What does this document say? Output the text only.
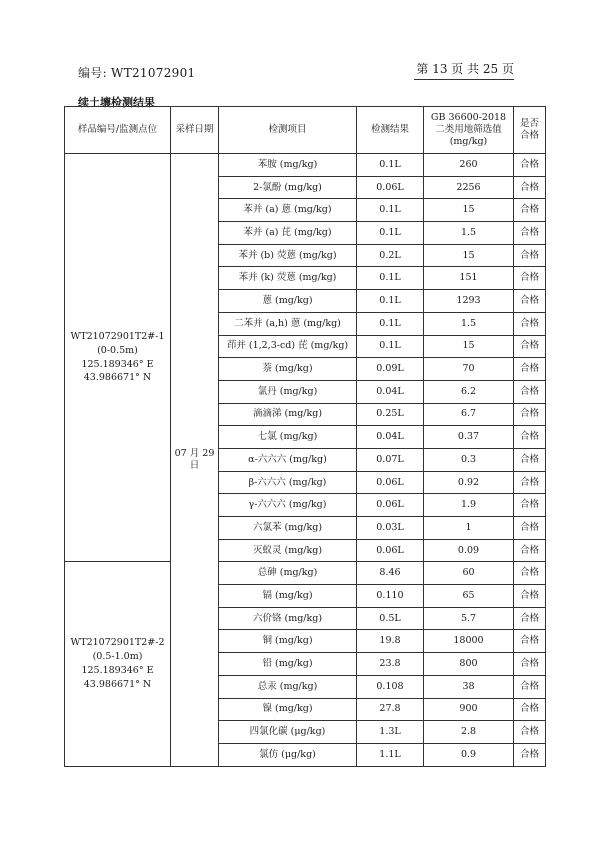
编号: WT21072901	第 13 页 共 25 页
续土壤检测结果
样品编号/监测点位	采样日期	检测项目	检测结果	GB 36600-2018 二类用地筛选值 (mg/kg)	是否合格

WT21072901T2#-1
(0-0.5m)
125.189346° E
43.986671° N	07 月 29 日	苯胺 (mg/kg)	0.1L	260	合格
		2-氯酚 (mg/kg)	0.06L	2256	合格
		苯并 (a) 蒽 (mg/kg)	0.1L	15	合格
		苯并 (a) 芘 (mg/kg)	0.1L	1.5	合格
		苯并 (b) 荧蒽 (mg/kg)	0.2L	15	合格
		苯并 (k) 荧蒽 (mg/kg)	0.1L	151	合格
		蒽 (mg/kg)	0.1L	1293	合格
		二苯并 (a,h) 蒽 (mg/kg)	0.1L	1.5	合格
		茚并 (1,2,3-cd) 芘 (mg/kg)	0.1L	15	合格
		萘 (mg/kg)	0.09L	70	合格
		氯丹 (mg/kg)	0.04L	6.2	合格
		滴滴涕 (mg/kg)	0.25L	6.7	合格
		七氯 (mg/kg)	0.04L	0.37	合格
		α-六六六 (mg/kg)	0.07L	0.3	合格
		β-六六六 (mg/kg)	0.06L	0.92	合格
		γ-六六六 (mg/kg)	0.06L	1.9	合格
		六氯苯 (mg/kg)	0.03L	1	合格
		灭蚁灵 (mg/kg)	0.06L	0.09	合格

WT21072901T2#-2
(0.5-1.0m)
125.189346° E
43.986671° N		总砷 (mg/kg)	8.46	60	合格
		镉 (mg/kg)	0.110	65	合格
		六价铬 (mg/kg)	0.5L	5.7	合格
		铜 (mg/kg)	19.8	18000	合格
		铅 (mg/kg)	23.8	800	合格
		总汞 (mg/kg)	0.108	38	合格
		镍 (mg/kg)	27.8	900	合格
		四氯化碳 (μg/kg)	1.3L	2.8	合格
		氯仿 (μg/kg)	1.1L	0.9	合格
